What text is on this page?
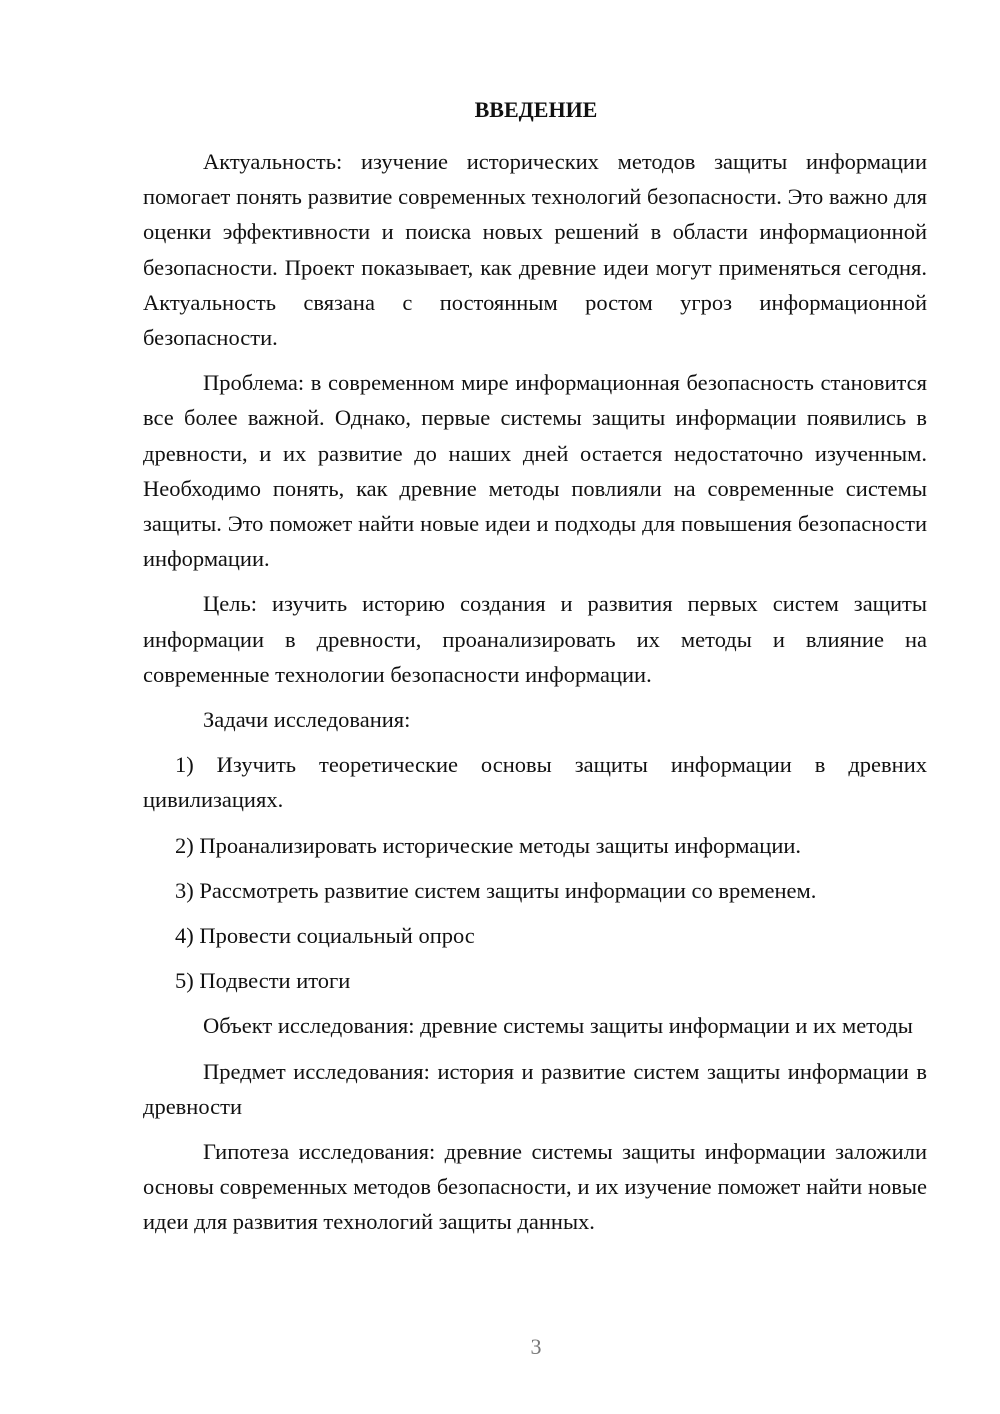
ВВЕДЕНИЕ

Актуальность: изучение исторических методов защиты информации помогает понять развитие современных технологий безопасности. Это важно для оценки эффективности и поиска новых решений в области информационной безопасности. Проект показывает, как древние идеи могут применяться сегодня. Актуальность связана с постоянным ростом угроз информационной безопасности.

Проблема: в современном мире информационная безопасность становится все более важной. Однако, первые системы защиты информации появились в древности, и их развитие до наших дней остается недостаточно изученным. Необходимо понять, как древние методы повлияли на современные системы защиты. Это поможет найти новые идеи и подходы для повышения безопасности информации.

Цель: изучить историю создания и развития первых систем защиты информации в древности, проанализировать их методы и влияние на современные технологии безопасности информации.

Задачи исследования:

1) Изучить теоретические основы защиты информации в древних цивилизациях.

2) Проанализировать исторические методы защиты информации.

3) Рассмотреть развитие систем защиты информации со временем.

4) Провести социальный опрос

5) Подвести итоги

Объект исследования: древние системы защиты информации и их методы

Предмет исследования: история и развитие систем защиты информации в древности

Гипотеза исследования: древние системы защиты информации заложили основы современных методов безопасности, и их изучение поможет найти новые идеи для развития технологий защиты данных.

3
